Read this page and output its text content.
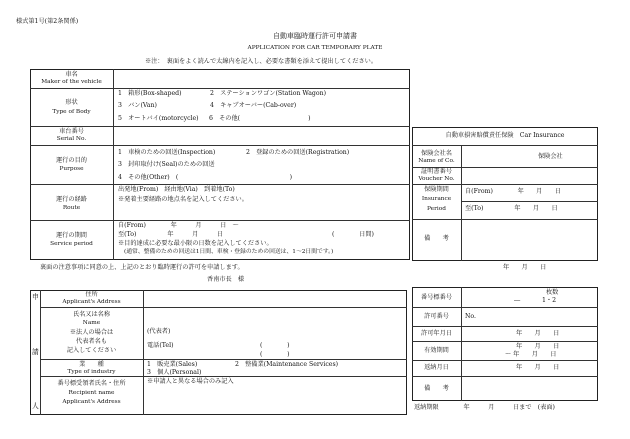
様式第1号(第2条関係)
自動車臨時運行許可申請書
APPLICATION FOR CAR TEMPORARY PLATE
※注：　裏面をよく読んで太線内を記入し、必要な書類を添えて提出してください。
車名
Maker of the vehicle
形状
Type of Body
1　箱形(Box-shaped)	2　ステーションワゴン(Station Wagon)
3　バン(Van)	4　キャブオーバー(Cab-over)
5　オートバイ(motorcycle) 6　その他(　　　　　　　　　　　)
車台番号
Serial No.
運行の目的
Purpose
1　車検のための回送(Inspection)	2　登録のための回送(Registration)
3　封印取付け(Seal)のための回送
4　その他(Other)　(　　　　　　　　　　　　　　　　　　)
運行の経路
Route
出発地(From)　経由地(Via)　到着地(To)
※発着主要経路の地点名を記入してください。
運行の期間
Service period
自(From)　　　　年　　　月　　　日　～
至(To)　　　　　年　　　月　　　日	(　　　　日間)
※目的達成に必要な最小限の日数を記入してください。
(通常、整備のための回送は1日間、車検・登録のための回送は、1～2日間です。)
自動車損害賠償責任保険　Car Insurance
保険会社名
Name of Co.
保険会社
証明書番号
Voucher No.
保険期間
Insurance
Period
自(From)　　　　年　　月　　日
至(To)　　　　　年　　月　　日
備　　考
裏面の注意事項に同意の上、上記のとおり臨時運行の許可を申請します。	年　　月　　日
香南市長　様
申
請
人
住所
Applicant's Address
氏名又は名称
Name
※法人の場合は
代表者名も
記入してください
(代表者)
電話(Tel)	(　　　　)
(　　　　)
業　　種
Type of industry
1　販売業(Sales)	2　整備業(Maintenance Services)
3　個人(Personal)
番号標受領者氏名・住所
Recipient name
Applicant's Address
※申請人と異なる場合のみ記入
番号標番号
枚数
―	1・2
許可番号	No.
許可年月日	年　　月　　日
有効期間
年　　月　　日
～ 年　　月　　日
返納月日	年　　月　　日
備　　考
返納期限　　　　年　　　月　　　日まで　(表面)
